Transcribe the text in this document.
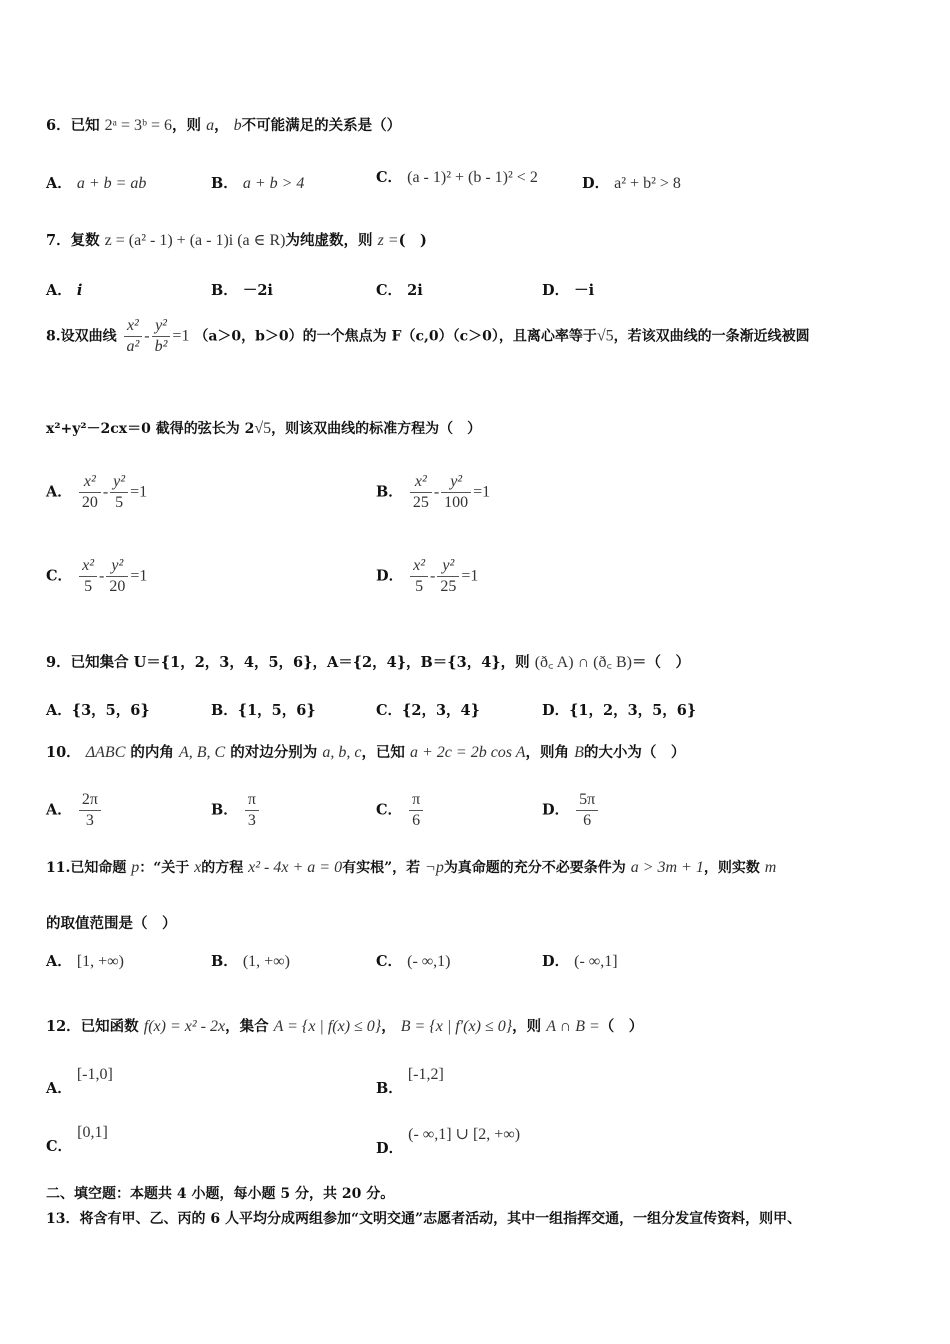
6．已知 2ᵃ = 3ᵇ = 6，则 a， b不可能满足的关系是（）
A． a + b = ab	B． a + b > 4	C． (a - 1)² + (b - 1)² < 2	D． a² + b² > 8
7．复数 z = (a² - 1) + (a - 1)i (a ∈ R)为纯虚数，则 z =(　)
A． i	B． －2i	C． 2i	D． －i
8.设双曲线 $\frac{\text{x²}}{\text{a²}} - \frac{\text{y²}}{\text{b²}} =1$ （a＞0，b＞0）的一个焦点为 F（c,0）（c＞0），且离心率等于√5，若该双曲线的一条渐近线被圆
x²+y²－2cx＝0 截得的弦长为 2√5，则该双曲线的标准方程为（　）
A． $\frac{\text{x²}}{20} - \frac{\text{y²}}{5} =1$	B． $\frac{\text{x²}}{25} - \frac{\text{y²}}{100} =1$
C． $\frac{\text{x²}}{5} - \frac{\text{y²}}{20} =1$	D． $\frac{\text{x²}}{5} - \frac{\text{y²}}{25} =1$
9．已知集合 U＝{1，2，3，4，5，6}，A＝{2，4}，B＝{3，4}，则 (ð꜀ A) ∩ (ð꜀ B)＝（　）
A．{3，5，6}	B．{1，5，6}	C．{2，3，4}	D．{1，2，3，5，6}
10． ΔABC 的内角 A, B, C 的对边分别为 a, b, c，已知 a + 2c = 2b cos A，则角 B的大小为（　）
A． $\frac{2\pi}{3}$	B． $\frac{\pi}{3}$	C． $\frac{\pi}{6}$	D． $\frac{5\pi}{6}$
11.已知命题 p：“关于 x的方程 x² - 4x + a = 0有实根”，若 ¬p为真命题的充分不必要条件为 a > 3m + 1，则实数 m
的取值范围是（　）
A． [1, +∞)	B． (1, +∞)	C． (- ∞,1)	D． (- ∞,1]
12．已知函数 f(x) = x² - 2x，集合 A = {x | f(x) ≤ 0}， B = {x | f′(x) ≤ 0}，则 A ∩ B =（　）
A． [-1,0]
B． [-1,2]
C． [0,1]
D． (- ∞,1] ∪ [2, +∞)
二、填空题：本题共 4 小题，每小题 5 分，共 20 分。
13．将含有甲、乙、丙的 6 人平均分成两组参加“文明交通”志愿者活动，其中一组指挥交通，一组分发宣传资料，则甲、
